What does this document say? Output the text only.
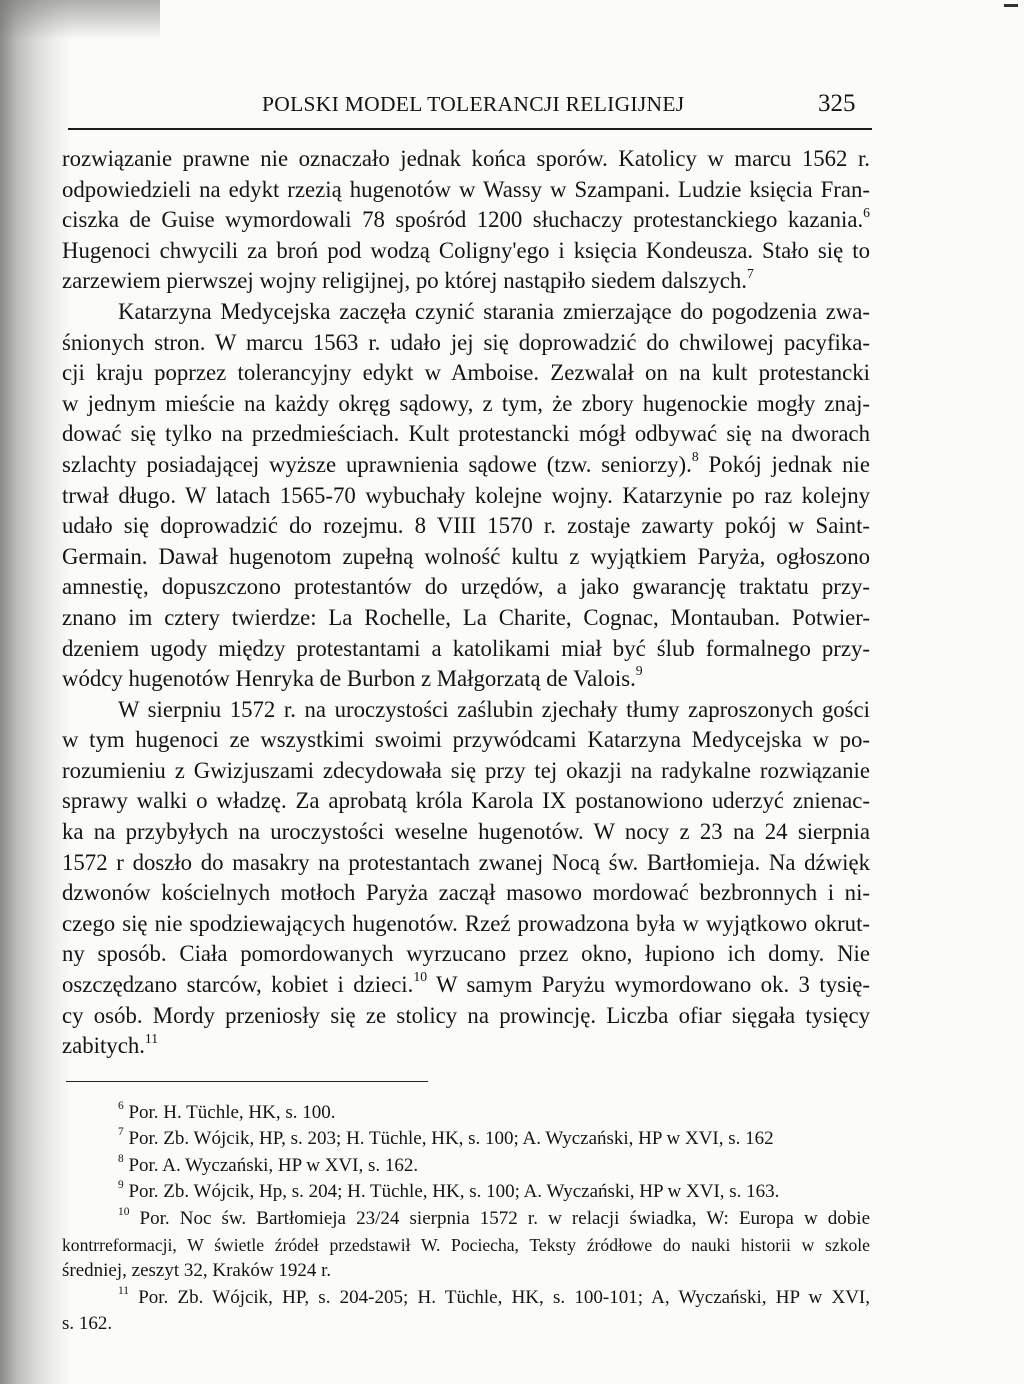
POLSKI MODEL TOLERANCJI RELIGIJNEJ	325
rozwiązanie prawne nie oznaczało jednak końca sporów. Katolicy w marcu 1562 r.
odpowiedzieli na edykt rzezią hugenotów w Wassy w Szampani. Ludzie księcia Fran-
ciszka de Guise wymordowali 78 spośród 1200 słuchaczy protestanckiego kazania.$^6$
Hugenoci chwycili za broń pod wodzą Coligny'ego i księcia Kondeusza. Stało się to
zarzewiem pierwszej wojny religijnej, po której nastąpiło siedem dalszych.$^7$
Katarzyna Medycejska zaczęła czynić starania zmierzające do pogodzenia zwa-
śnionych stron. W marcu 1563 r. udało jej się doprowadzić do chwilowej pacyfika-
cji kraju poprzez tolerancyjny edykt w Amboise. Zezwalał on na kult protestancki
w jednym mieście na każdy okręg sądowy, z tym, że zbory hugenockie mogły znaj-
dować się tylko na przedmieściach. Kult protestancki mógł odbywać się na dworach
szlachty posiadającej wyższe uprawnienia sądowe (tzw. seniorzy).$^8$ Pokój jednak nie
trwał długo. W latach 1565-70 wybuchały kolejne wojny. Katarzynie po raz kolejny
udało się doprowadzić do rozejmu. 8 VIII 1570 r. zostaje zawarty pokój w Saint-
Germain. Dawał hugenotom zupełną wolność kultu z wyjątkiem Paryża, ogłoszono
amnestię, dopuszczono protestantów do urzędów, a jako gwarancję traktatu przy-
znano im cztery twierdze: La Rochelle, La Charite, Cognac, Montauban. Potwier-
dzeniem ugody między protestantami a katolikami miał być ślub formalnego przy-
wódcy hugenotów Henryka de Burbon z Małgorzatą de Valois.$^9$
W sierpniu 1572 r. na uroczystości zaślubin zjechały tłumy zaproszonych gości
w tym hugenoci ze wszystkimi swoimi przywódcami Katarzyna Medycejska w po-
rozumieniu z Gwizjuszami zdecydowała się przy tej okazji na radykalne rozwiązanie
sprawy walki o władzę. Za aprobatą króla Karola IX postanowiono uderzyć znienac-
ka na przybyłych na uroczystości weselne hugenotów. W nocy z 23 na 24 sierpnia
1572 r doszło do masakry na protestantach zwanej Nocą św. Bartłomieja. Na dźwięk
dzwonów kościelnych motłoch Paryża zaczął masowo mordować bezbronnych i ni-
czego się nie spodziewających hugenotów. Rzeź prowadzona była w wyjątkowo okrut-
ny sposób. Ciała pomordowanych wyrzucano przez okno, łupiono ich domy. Nie
oszczędzano starców, kobiet i dzieci.$^{10}$ W samym Paryżu wymordowano ok. 3 tysię-
cy osób. Mordy przeniosły się ze stolicy na prowincję. Liczba ofiar sięgała tysięcy
zabitych.$^{11}$
$^6$ Por. H. Tüchle, HK, s. 100.
$^7$ Por. Zb. Wójcik, HP, s. 203; H. Tüchle, HK, s. 100; A. Wyczański, HP w XVI, s. 162
$^8$ Por. A. Wyczański, HP w XVI, s. 162.
$^9$ Por. Zb. Wójcik, Hp, s. 204; H. Tüchle, HK, s. 100; A. Wyczański, HP w XVI, s. 163.
$^{10}$ Por. Noc św. Bartłomieja 23/24 sierpnia 1572 r. w relacji świadka, W: Europa w dobie
kontrreformacji, W świetle źródeł przedstawił W. Pociecha, Teksty źródłowe do nauki historii w szkole
średniej, zeszyt 32, Kraków 1924 r.
$^{11}$ Por. Zb. Wójcik, HP, s. 204-205; H. Tüchle, HK, s. 100-101; A, Wyczański, HP w XVI,
s. 162.
